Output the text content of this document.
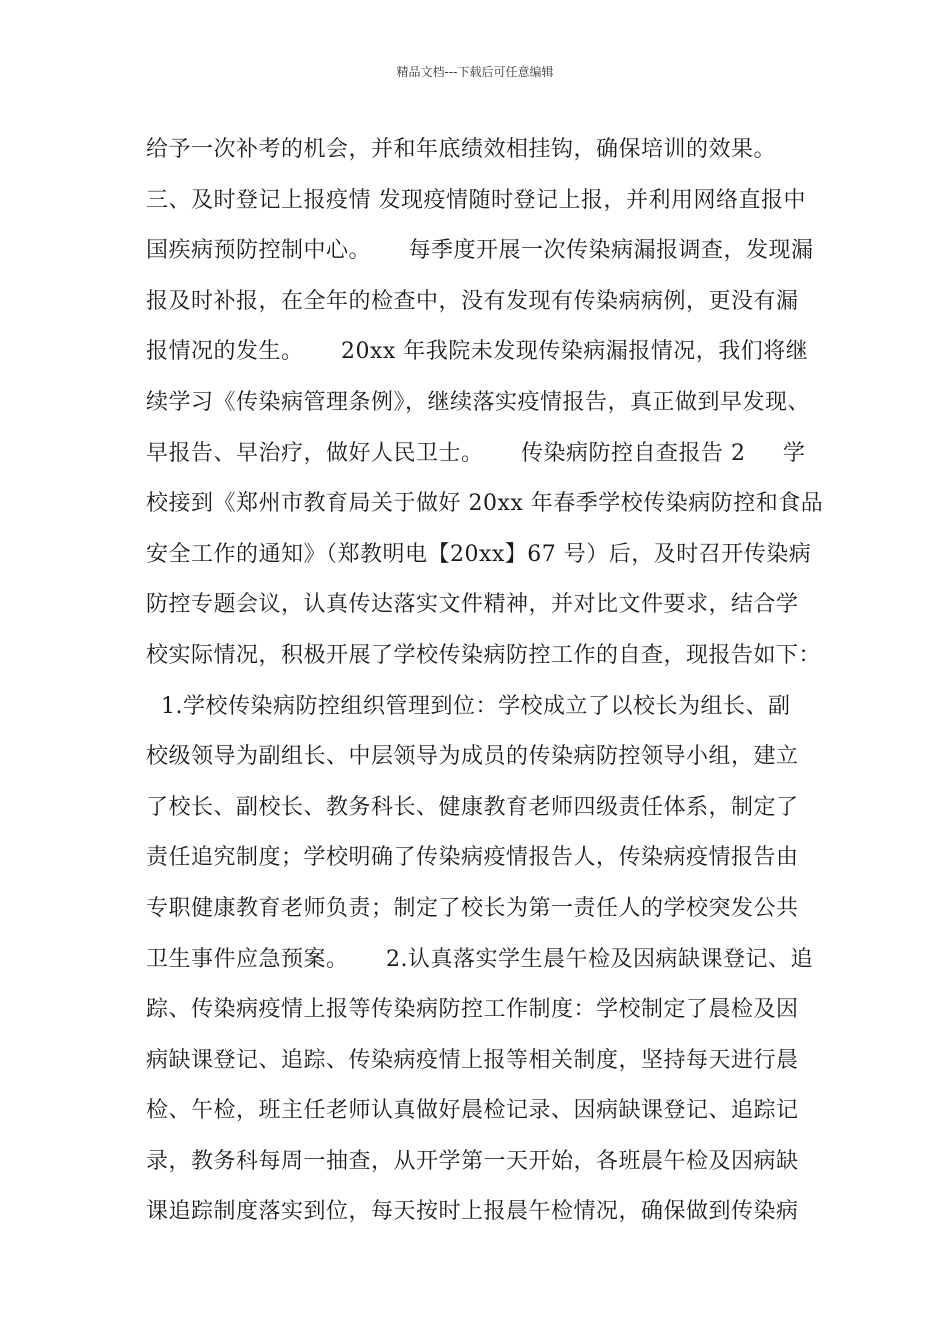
精品文档---下载后可任意编辑
给予一次补考的机会，并和年底绩效相挂钩，确保培训的效果。
三、及时登记上报疫情 发现疫情随时登记上报，并利用网络直报中
国疾病预防控制中心。     每季度开展一次传染病漏报调查，发现漏
报及时补报，在全年的检查中，没有发现有传染病病例，更没有漏
报情况的发生。     20xx 年我院未发现传染病漏报情况，我们将继
续学习《传染病管理条例》，继续落实疫情报告，真正做到早发现、
早报告、早治疗，做好人民卫士。     传染病防控自查报告 2     学
校接到《郑州市教育局关于做好 20xx 年春季学校传染病防控和食品
安全工作的通知》（郑教明电【20xx】67 号）后，及时召开传染病
防控专题会议，认真传达落实文件精神，并对比文件要求，结合学
校实际情况，积极开展了学校传染病防控工作的自查，现报告如下：
1.学校传染病防控组织管理到位：学校成立了以校长为组长、副
校级领导为副组长、中层领导为成员的传染病防控领导小组，建立
了校长、副校长、教务科长、健康教育老师四级责任体系，制定了
责任追究制度；学校明确了传染病疫情报告人，传染病疫情报告由
专职健康教育老师负责；制定了校长为第一责任人的学校突发公共
卫生事件应急预案。     2.认真落实学生晨午检及因病缺课登记、追
踪、传染病疫情上报等传染病防控工作制度：学校制定了晨检及因
病缺课登记、追踪、传染病疫情上报等相关制度，坚持每天进行晨
检、午检，班主任老师认真做好晨检记录、因病缺课登记、追踪记
录，教务科每周一抽查，从开学第一天开始，各班晨午检及因病缺
课追踪制度落实到位，每天按时上报晨午检情况，确保做到传染病
